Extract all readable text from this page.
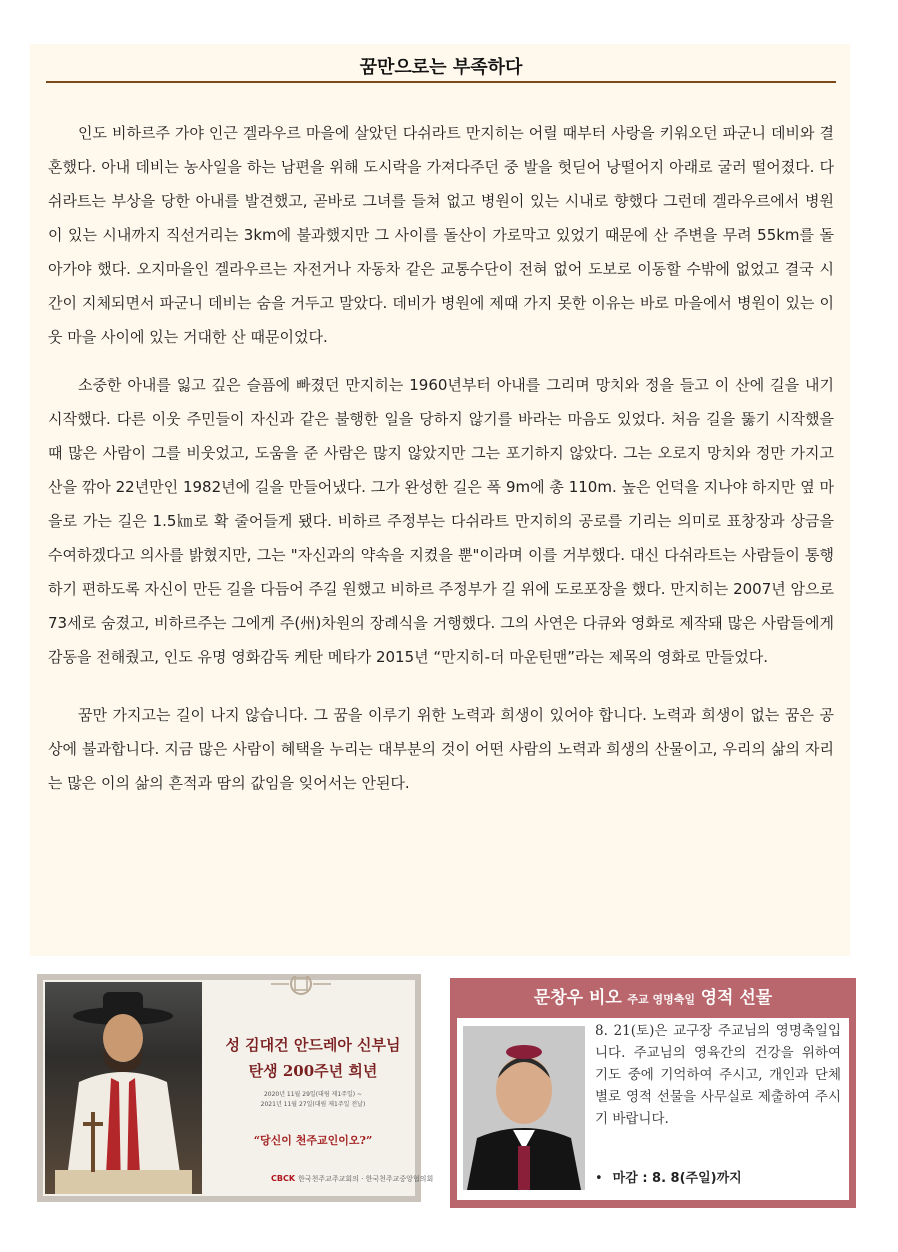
꿈만으로는 부족하다

인도 비하르주 가야 인근 겔라우르 마을에 살았던 다쉬라트 만지히는 어릴 때부터 사랑을 키워오던 파군니 데비와 결혼했다. 아내 데비는 농사일을 하는 남편을 위해 도시락을 가져다주던 중 발을 헛딛어 낭떨어지 아래로 굴러 떨어졌다. 다쉬라트는 부상을 당한 아내를 발견했고, 곧바로 그녀를 들쳐 없고 병원이 있는 시내로 향했다 그런데 겔라우르에서 병원이 있는 시내까지 직선거리는 3km에 불과했지만 그 사이를 돌산이 가로막고 있었기 때문에 산 주변을 무려 55km를 돌아가야 했다. 오지마을인 겔라우르는 자전거나 자동차 같은 교통수단이 전혀 없어 도보로 이동할 수밖에 없었고 결국 시간이 지체되면서 파군니 데비는 숨을 거두고 말았다. 데비가 병원에 제때 가지 못한 이유는 바로 마을에서 병원이 있는 이웃 마을 사이에 있는 거대한 산 때문이었다.

소중한 아내를 잃고 깊은 슬픔에 빠졌던 만지히는 1960년부터 아내를 그리며 망치와 정을 들고 이 산에 길을 내기 시작했다. 다른 이웃 주민들이 자신과 같은 불행한 일을 당하지 않기를 바라는 마음도 있었다. 처음 길을 뚫기 시작했을 때 많은 사람이 그를 비웃었고, 도움을 준 사람은 많지 않았지만 그는 포기하지 않았다. 그는 오로지 망치와 정만 가지고 산을 깎아 22년만인 1982년에 길을 만들어냈다. 그가 완성한 길은 폭 9m에 총 110m. 높은 언덕을 지나야 하지만 옆 마을로 가는 길은 1.5㎞로 확 줄어들게 됐다. 비하르 주정부는 다쉬라트 만지히의 공로를 기리는 의미로 표창장과 상금을 수여하겠다고 의사를 밝혔지만, 그는 "자신과의 약속을 지켰을 뿐"이라며 이를 거부했다. 대신 다쉬라트는 사람들이 통행하기 편하도록 자신이 만든 길을 다듬어 주길 원했고 비하르 주정부가 길 위에 도로포장을 했다. 만지히는 2007년 암으로 73세로 숨졌고, 비하르주는 그에게 주(州)차원의 장례식을 거행했다. 그의 사연은 다큐와 영화로 제작돼 많은 사람들에게 감동을 전해줬고, 인도 유명 영화감독 케탄 메타가 2015년 “만지히-더 마운틴맨”라는 제목의 영화로 만들었다.

꿈만 가지고는 길이 나지 않습니다. 그 꿈을 이루기 위한 노력과 희생이 있어야 합니다. 노력과 희생이 없는 꿈은 공상에 불과합니다. 지금 많은 사람이 혜택을 누리는 대부분의 것이 어떤 사람의 노력과 희생의 산물이고, 우리의 삶의 자리는 많은 이의 삶의 흔적과 땀의 값임을 잊어서는 안된다.

성 김대건 안드레아 신부님
탄생 200주년 희년
2020년 11월 29일(대림 제1주일) ~
2021년 11월 27일(대림 제1주일 전날)
“당신이 천주교인이오?”
CBCK 한국천주교주교회의 · 한국천주교중앙협의회
문창우 비오 주교 영명축일 영적 선물
8. 21(토)은 교구장 주교님의 영명축일입니다. 주교님의 영육간의 건강을 위하여 기도 중에 기억하여 주시고, 개인과 단체별로 영적 선물을 사무실로 제출하여 주시기 바랍니다.
• 마감 : 8. 8(주일)까지
